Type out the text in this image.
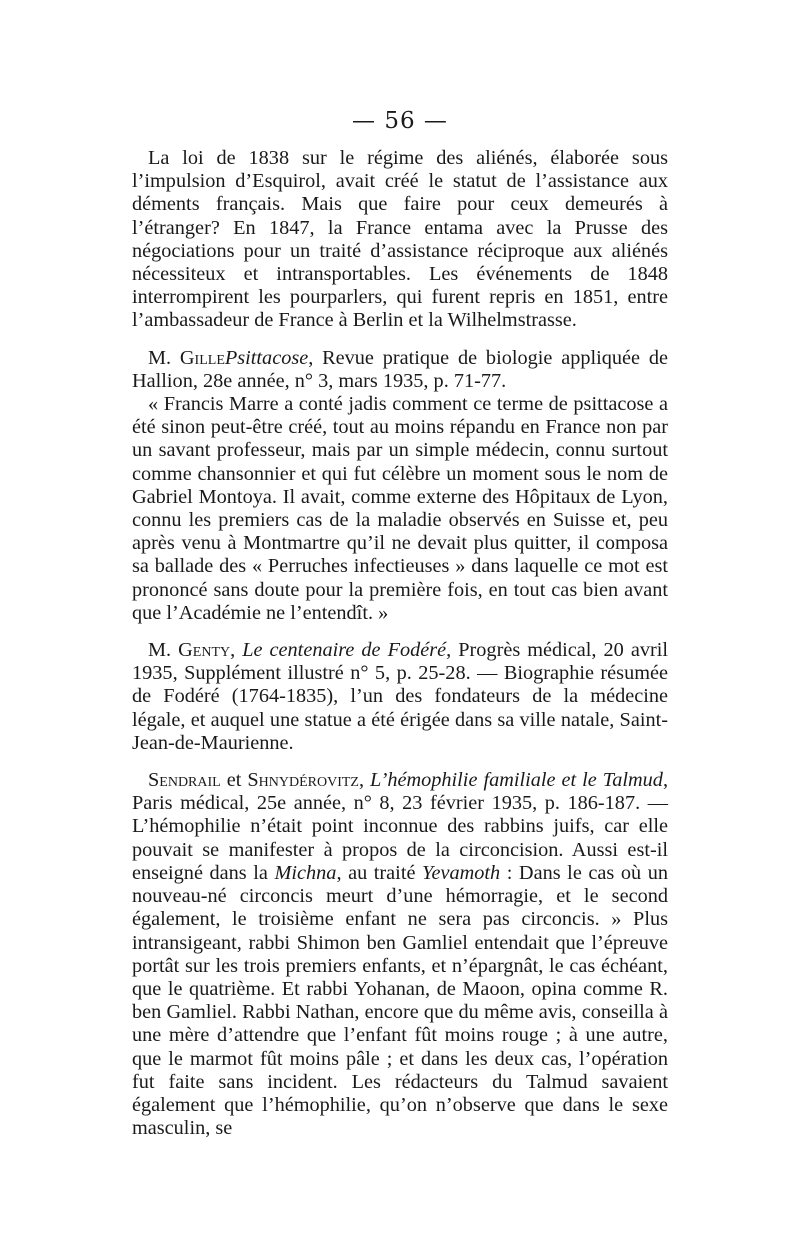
— 56 —

La loi de 1838 sur le régime des aliénés, élaborée sous l’impulsion d’Esquirol, avait créé le statut de l’assistance aux déments français. Mais que faire pour ceux demeurés à l’étranger? En 1847, la France entama avec la Prusse des négociations pour un traité d’assistance réciproque aux aliénés nécessiteux et intransportables. Les événements de 1848 interrompirent les pourparlers, qui furent repris en 1851, entre l’ambassadeur de France à Berlin et la Wilhelmstrasse.

M. GillePsittacose, Revue pratique de biologie appliquée de Hallion, 28e année, n° 3, mars 1935, p. 71-77.

« Francis Marre a conté jadis comment ce terme de psittacose a été sinon peut-être créé, tout au moins répandu en France non par un savant professeur, mais par un simple médecin, connu surtout comme chansonnier et qui fut célèbre un moment sous le nom de Gabriel Montoya. Il avait, comme externe des Hôpitaux de Lyon, connu les premiers cas de la maladie observés en Suisse et, peu après venu à Montmartre qu’il ne devait plus quitter, il composa sa ballade des « Perruches infectieuses » dans laquelle ce mot est prononcé sans doute pour la première fois, en tout cas bien avant que l’Académie ne l’entendît. »

M. Genty, Le centenaire de Fodéré, Progrès médical, 20 avril 1935, Supplément illustré n° 5, p. 25-28. — Biographie résumée de Fodéré (1764-1835), l’un des fondateurs de la médecine légale, et auquel une statue a été érigée dans sa ville natale, Saint-Jean-de-Maurienne.

Sendrail et Shnydérovitz, L’hémophilie familiale et le Talmud, Paris médical, 25e année, n° 8, 23 février 1935, p. 186-187. — L’hémophilie n’était point inconnue des rabbins juifs, car elle pouvait se manifester à propos de la circoncision. Aussi est-il enseigné dans la Michna, au traité Yevamoth : Dans le cas où un nouveau-né circoncis meurt d’une hémorragie, et le second également, le troisième enfant ne sera pas circoncis. » Plus intransigeant, rabbi Shimon ben Gamliel entendait que l’épreuve portât sur les trois premiers enfants, et n’épargnât, le cas échéant, que le quatrième. Et rabbi Yohanan, de Maoon, opina comme R. ben Gamliel. Rabbi Nathan, encore que du même avis, conseilla à une mère d’attendre que l’enfant fût moins rouge ; à une autre, que le marmot fût moins pâle ; et dans les deux cas, l’opération fut faite sans incident. Les rédacteurs du Talmud savaient également que l’hémophilie, qu’on n’observe que dans le sexe masculin, se
